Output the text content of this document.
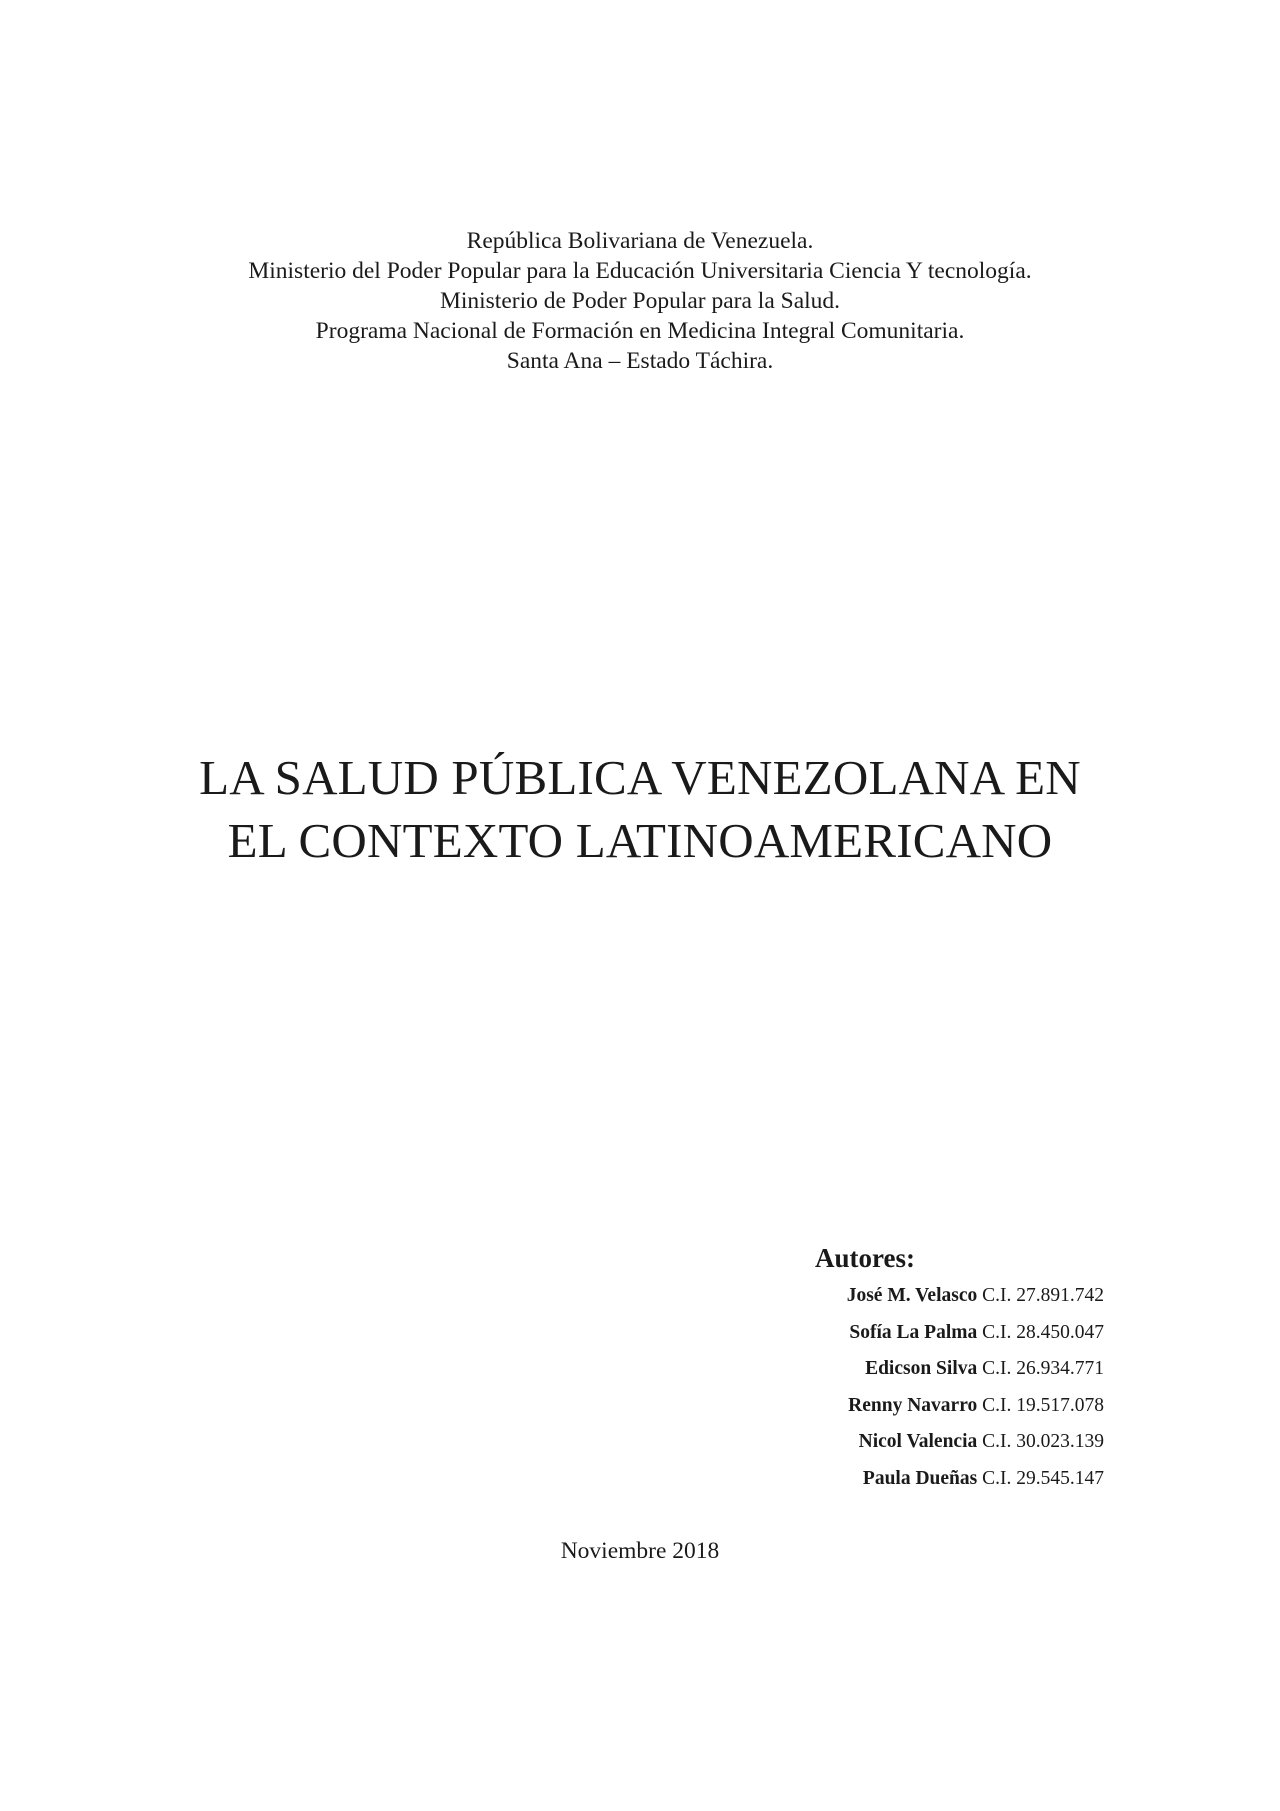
República Bolivariana de Venezuela.
Ministerio del Poder Popular para la Educación Universitaria Ciencia Y tecnología.
Ministerio de Poder Popular para la Salud.
Programa Nacional de Formación en Medicina Integral Comunitaria.
Santa Ana – Estado Táchira.
LA SALUD PÚBLICA VENEZOLANA EN
EL CONTEXTO LATINOAMERICANO
Autores:
José M. Velasco C.I. 27.891.742
Sofía La Palma C.I. 28.450.047
Edicson Silva C.I. 26.934.771
Renny Navarro C.I. 19.517.078
Nicol Valencia C.I. 30.023.139
Paula Dueñas C.I. 29.545.147
Noviembre 2018
